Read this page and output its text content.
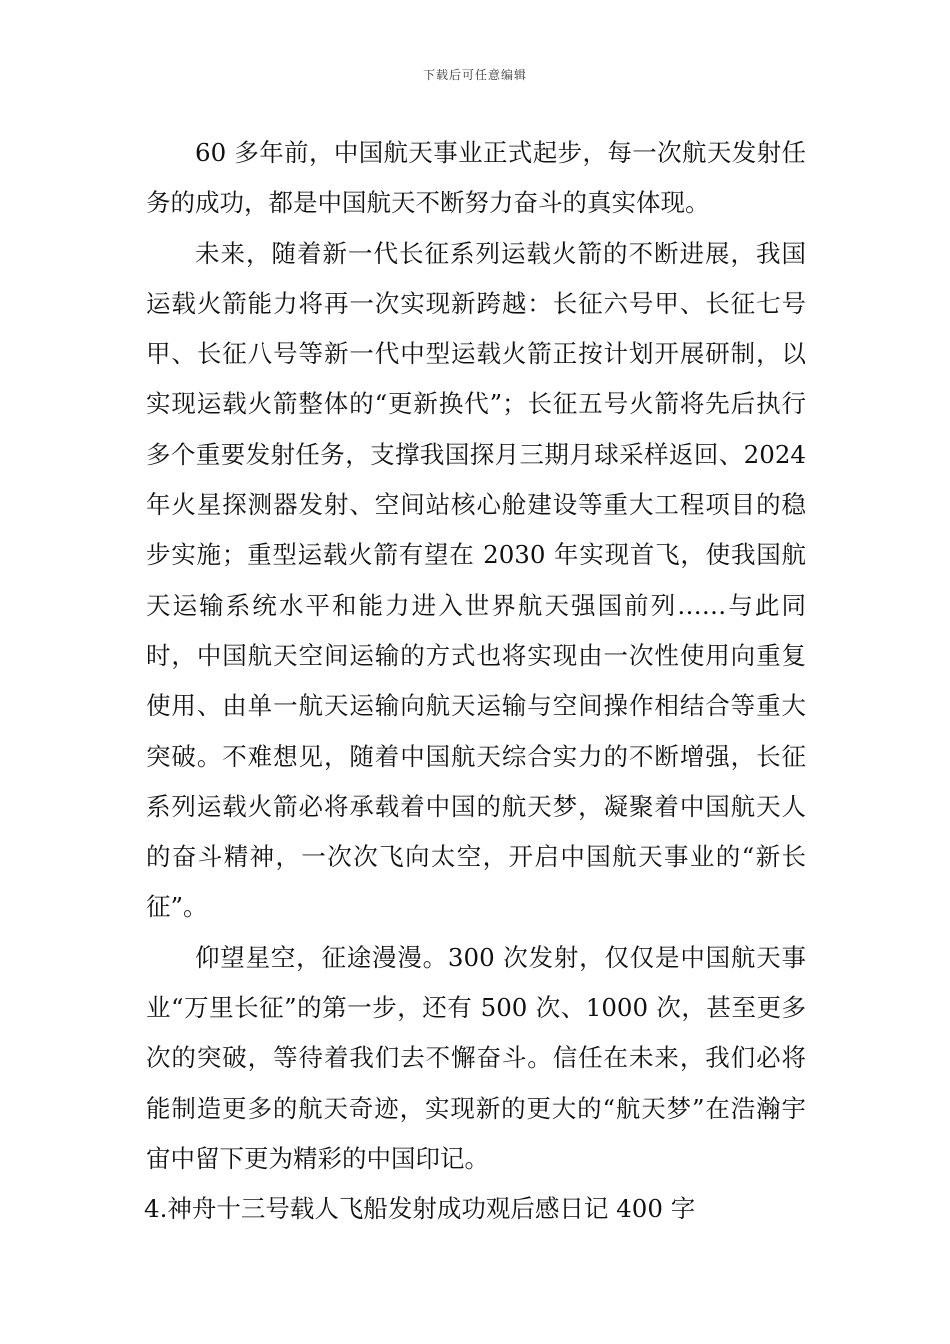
下载后可任意编辑

60 多年前，中国航天事业正式起步，每一次航天发射任务的成功，都是中国航天不断努力奋斗的真实体现。

未来，随着新一代长征系列运载火箭的不断进展，我国运载火箭能力将再一次实现新跨越：长征六号甲、长征七号甲、长征八号等新一代中型运载火箭正按计划开展研制，以实现运载火箭整体的“更新换代”；长征五号火箭将先后执行多个重要发射任务，支撑我国探月三期月球采样返回、2024 年火星探测器发射、空间站核心舱建设等重大工程项目的稳步实施；重型运载火箭有望在 2030 年实现首飞，使我国航天运输系统水平和能力进入世界航天强国前列……与此同时，中国航天空间运输的方式也将实现由一次性使用向重复使用、由单一航天运输向航天运输与空间操作相结合等重大突破。不难想见，随着中国航天综合实力的不断增强，长征系列运载火箭必将承载着中国的航天梦，凝聚着中国航天人的奋斗精神，一次次飞向太空，开启中国航天事业的“新长征”。

仰望星空，征途漫漫。300 次发射，仅仅是中国航天事业“万里长征”的第一步，还有 500 次、1000 次，甚至更多次的突破，等待着我们去不懈奋斗。信任在未来，我们必将能制造更多的航天奇迹，实现新的更大的“航天梦”在浩瀚宇宙中留下更为精彩的中国印记。

4.神舟十三号载人飞船发射成功观后感日记 400 字
